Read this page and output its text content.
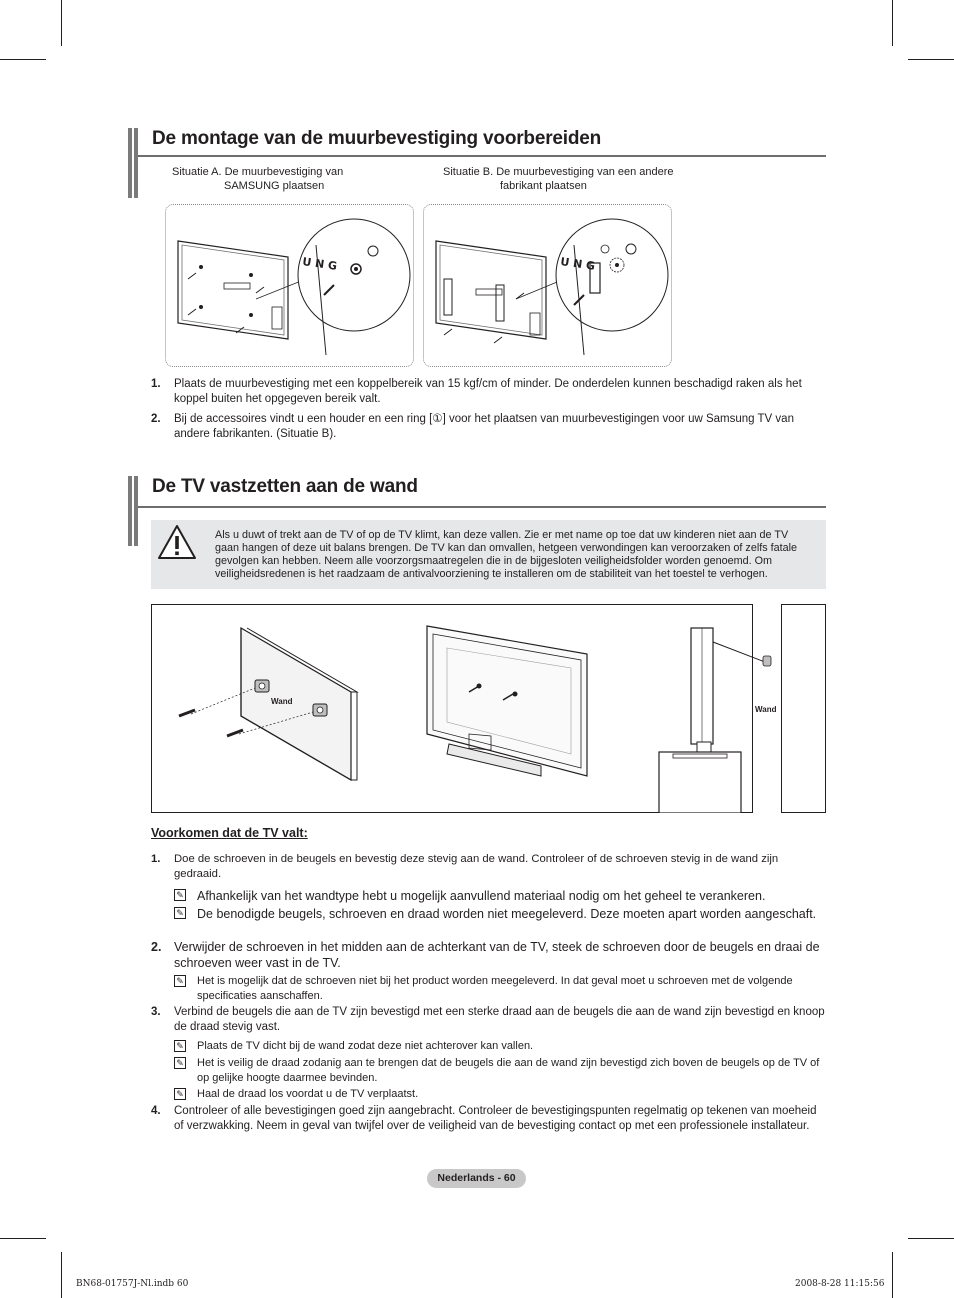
De montage van de muurbevestiging voorbereiden
Situatie A. De muurbevestiging van
SAMSUNG plaatsen
Situatie B. De muurbevestiging van een andere
fabrikant plaatsen
U N G	U N G
1. Plaats de muurbevestiging met een koppelbereik van 15 kgf/cm of minder. De onderdelen kunnen beschadigd raken als het koppel buiten het opgegeven bereik valt.
2. Bij de accessoires vindt u een houder en een ring [①] voor het plaatsen van muurbevestigingen voor uw Samsung TV van andere fabrikanten. (Situatie B).
De TV vastzetten aan de wand
Als u duwt of trekt aan de TV of op de TV klimt, kan deze vallen. Zie er met name op toe dat uw kinderen niet aan de TV gaan hangen of deze uit balans brengen. De TV kan dan omvallen, hetgeen verwondingen kan veroorzaken of zelfs fatale gevolgen kan hebben. Neem alle voorzorgsmaatregelen die in de bijgesloten veiligheidsfolder worden genoemd. Om veiligheidsredenen is het raadzaam de antivalvoorziening te installeren om de stabiliteit van het toestel te verhogen.
Wand
Wand
Voorkomen dat de TV valt:
1. Doe de schroeven in de beugels en bevestig deze stevig aan de wand. Controleer of de schroeven stevig in de wand zijn gedraaid.
✎ Afhankelijk van het wandtype hebt u mogelijk aanvullend materiaal nodig om het geheel te verankeren.
✎ De benodigde beugels, schroeven en draad worden niet meegeleverd. Deze moeten apart worden aangeschaft.
2. Verwijder de schroeven in het midden aan de achterkant van de TV, steek de schroeven door de beugels en draai de schroeven weer vast in de TV.
✎ Het is mogelijk dat de schroeven niet bij het product worden meegeleverd. In dat geval moet u schroeven met de volgende specificaties aanschaffen.
3. Verbind de beugels die aan de TV zijn bevestigd met een sterke draad aan de beugels die aan de wand zijn bevestigd en knoop de draad stevig vast.
✎ Plaats de TV dicht bij de wand zodat deze niet achterover kan vallen.
✎ Het is veilig de draad zodanig aan te brengen dat de beugels die aan de wand zijn bevestigd zich boven de beugels op de TV of op gelijke hoogte daarmee bevinden.
✎ Haal de draad los voordat u de TV verplaatst.
4. Controleer of alle bevestigingen goed zijn aangebracht. Controleer de bevestigingspunten regelmatig op tekenen van moeheid of verzwakking. Neem in geval van twijfel over de veiligheid van de bevestiging contact op met een professionele installateur.
Nederlands - 60
BN68-01757J-Nl.indb 60	2008-8-28 11:15:56
